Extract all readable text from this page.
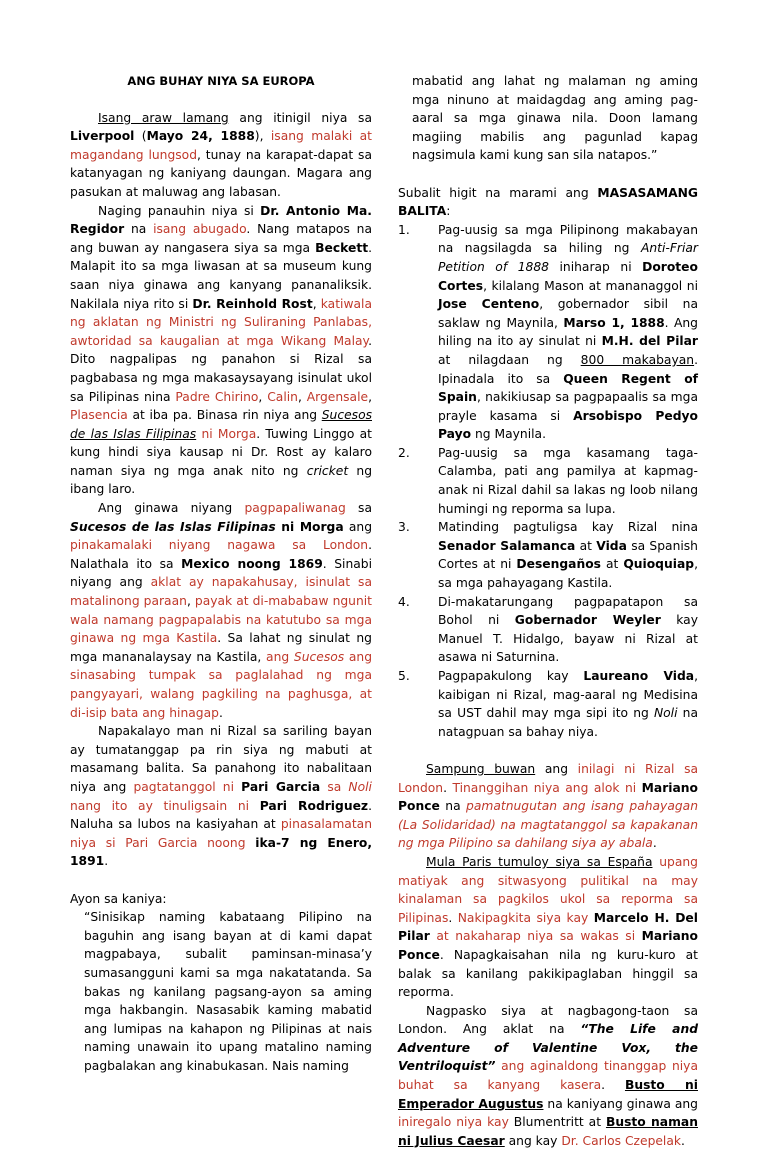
ANG BUHAY NIYA SA EUROPA

Isang araw lamang ang itinigil niya sa Liverpool (Mayo 24, 1888), isang malaki at magandang lungsod, tunay na karapat-dapat sa katanyagan ng kaniyang daungan. Magara ang pasukan at maluwag ang labasan.

Naging panauhin niya si Dr. Antonio Ma. Regidor na isang abugado. Nang matapos na ang buwan ay nangasera siya sa mga Beckett. Malapit ito sa mga liwasan at sa museum kung saan niya ginawa ang kanyang pananaliksik. Nakilala niya rito si Dr. Reinhold Rost, katiwala ng aklatan ng Ministri ng Suliraning Panlabas, awtoridad sa kaugalian at mga Wikang Malay. Dito nagpalipas ng panahon si Rizal sa pagbabasa ng mga makasaysayang isinulat ukol sa Pilipinas nina Padre Chirino, Calin, Argensale, Plasencia at iba pa. Binasa rin niya ang Sucesos de las Islas Filipinas ni Morga. Tuwing Linggo at kung hindi siya kausap ni Dr. Rost ay kalaro naman siya ng mga anak nito ng cricket ng ibang laro.

Ang ginawa niyang pagpapaliwanag sa Sucesos de las Islas Filipinas ni Morga ang pinakamalaki niyang nagawa sa London. Nalathala ito sa Mexico noong 1869. Sinabi niyang ang aklat ay napakahusay, isinulat sa matalinong paraan, payak at di-mababaw ngunit wala namang pagpapalabis na katutubo sa mga ginawa ng mga Kastila. Sa lahat ng sinulat ng mga mananalaysay na Kastila, ang Sucesos ang sinasabing tumpak sa paglalahad ng mga pangyayari, walang pagkiling na paghusga, at di-isip bata ang hinagap.

Napakalayo man ni Rizal sa sariling bayan ay tumatanggap pa rin siya ng mabuti at masamang balita. Sa panahong ito nabalitaan niya ang pagtatanggol ni Pari Garcia sa Noli nang ito ay tinuligsain ni Pari Rodriguez. Naluha sa lubos na kasiyahan at pinasalamatan niya si Pari Garcia noong ika-7 ng Enero, 1891.

Ayon sa kaniya:

“Sinisikap naming kabataang Pilipino na baguhin ang isang bayan at di kami dapat magpabaya, subalit paminsan-minasa’y sumasangguni kami sa mga nakatatanda. Sa bakas ng kanilang pagsang-ayon sa aming mga hakbangin. Nasasabik kaming mabatid ang lumipas na kahapon ng Pilipinas at nais naming unawain ito upang matalino naming pagbalakan ang kinabukasan. Nais naming

mabatid ang lahat ng malaman ng aming mga ninuno at maidagdag ang aming pag-aaral sa mga ginawa nila. Doon lamang magiing mabilis ang pagunlad kapag nagsimula kami kung san sila natapos.”

Subalit higit na marami ang MASASAMANG BALITA:

1.	Pag-uusig sa mga Pilipinong makabayan na nagsilagda sa hiling ng Anti-Friar Petition of 1888 iniharap ni Doroteo Cortes, kilalang Mason at mananaggol ni Jose Centeno, gobernador sibil na saklaw ng Maynila, Marso 1, 1888. Ang hiling na ito ay sinulat ni M.H. del Pilar at nilagdaan ng 800 makabayan. Ipinadala ito sa Queen Regent of Spain, nakikiusap sa pagpapaalis sa mga prayle kasama si Arsobispo Pedyo Payo ng Maynila.
2.	Pag-uusig sa mga kasamang taga-Calamba, pati ang pamilya at kapmag-anak ni Rizal dahil sa lakas ng loob nilang humingi ng reporma sa lupa.
3.	Matinding pagtuligsa kay Rizal nina Senador Salamanca at Vida sa Spanish Cortes at ni Desengaños at Quioquiap, sa mga pahayagang Kastila.
4.	Di-makatarungang pagpapatapon sa Bohol ni Gobernador Weyler kay Manuel T. Hidalgo, bayaw ni Rizal at asawa ni Saturnina.
5.	Pagpapakulong kay Laureano Vida, kaibigan ni Rizal, mag-aaral ng Medisina sa UST dahil may mga sipi ito ng Noli na natagpuan sa bahay niya.

Sampung buwan ang inilagi ni Rizal sa London. Tinanggihan niya ang alok ni Mariano Ponce na pamatnugutan ang isang pahayagan (La Solidaridad) na magtatanggol sa kapakanan ng mga Pilipino sa dahilang siya ay abala.

Mula Paris tumuloy siya sa España upang matiyak ang sitwasyong pulitikal na may kinalaman sa pagkilos ukol sa reporma sa Pilipinas. Nakipagkita siya kay Marcelo H. Del Pilar at nakaharap niya sa wakas si Mariano Ponce. Napagkaisahan nila ng kuru-kuro at balak sa kanilang pakikipaglaban hinggil sa reporma.

Nagpasko siya at nagbagong-taon sa London. Ang aklat na “The Life and Adventure of Valentine Vox, the Ventriloquist” ang aginaldong tinanggap niya buhat sa kanyang kasera. Busto ni Emperador Augustus na kaniyang ginawa ang iniregalo niya kay Blumentritt at Busto naman ni Julius Caesar ang kay Dr. Carlos Czepelak.
